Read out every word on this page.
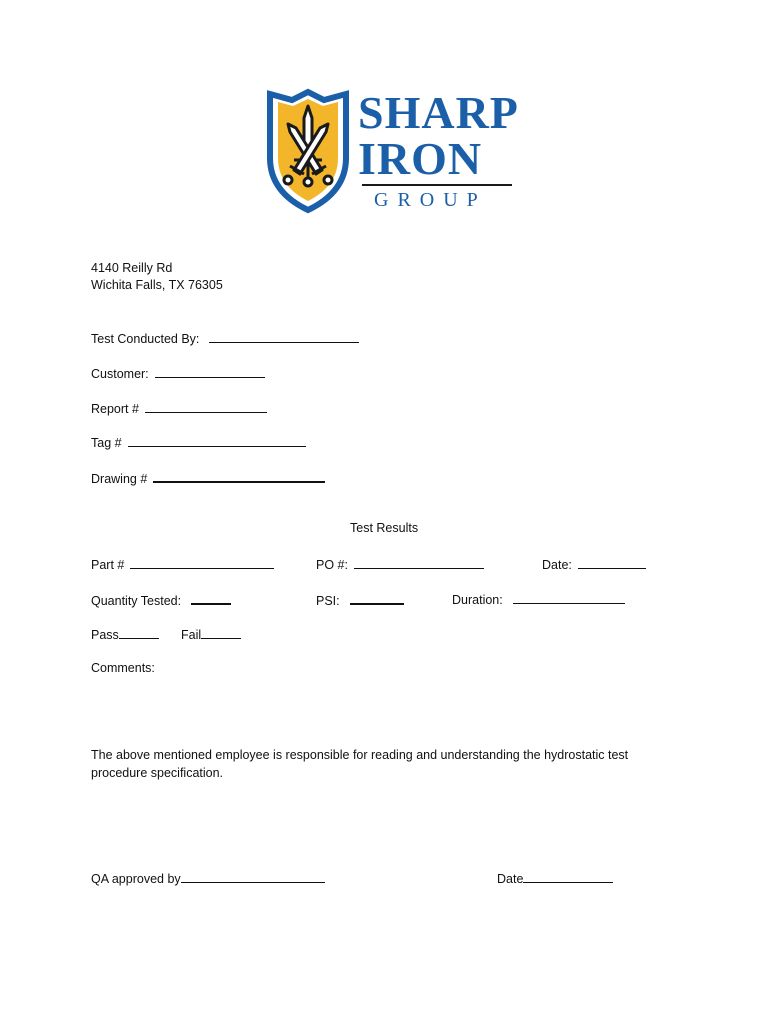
SHARP
IRON
GROUP
4140 Reilly Rd
Wichita Falls, TX 76305
Test Conducted By:
Customer:
Report #
Tag #
Drawing #
Test Results
Part #	PO #:	Date:
Quantity Tested:	PSI:	Duration:
Pass	Fail
Comments:
The above mentioned employee is responsible for reading and understanding the hydrostatic test
procedure specification.
QA approved by	Date
